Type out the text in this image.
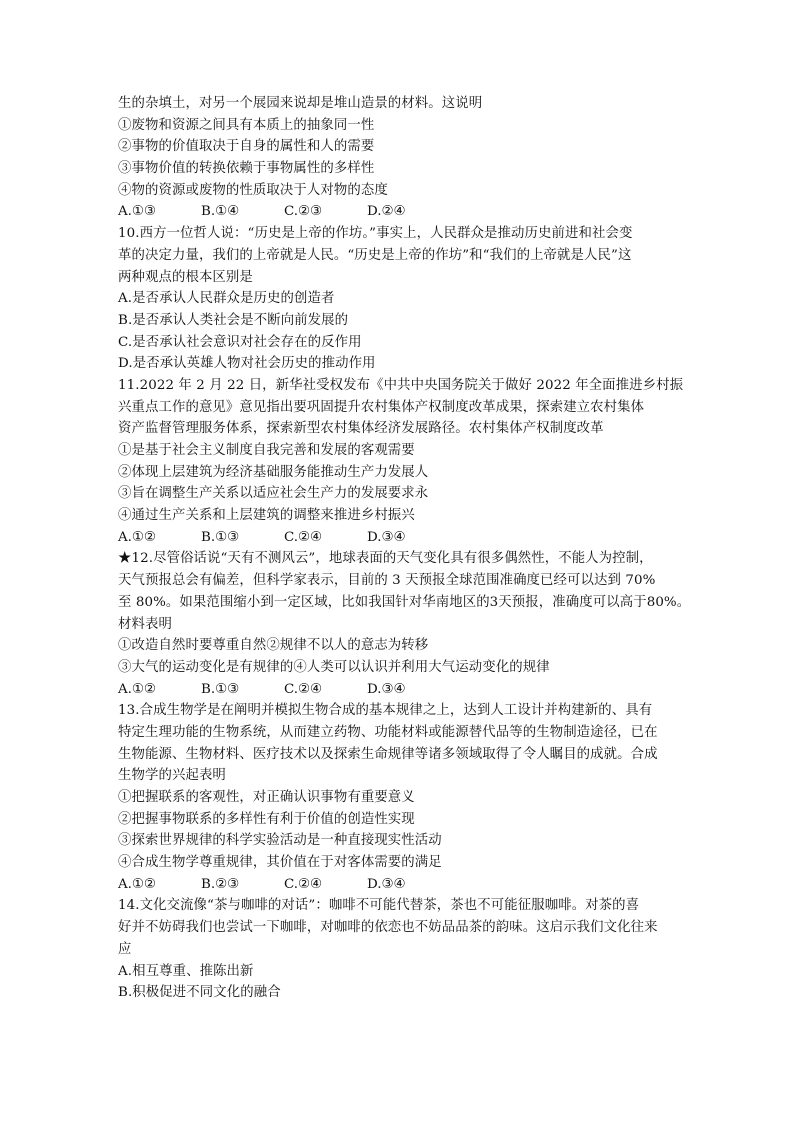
生的杂填土，对另一个展园来说却是堆山造景的材料。这说明
①废物和资源之间具有本质上的抽象同一性
②事物的价值取决于自身的属性和人的需要
③事物价值的转换依赖于事物属性的多样性
④物的资源或废物的性质取决于人对物的态度
A.①③	B.①④	C.②③	D.②④
10.西方一位哲人说：“历史是上帝的作坊。”事实上，人民群众是推动历史前进和社会变
革的决定力量，我们的上帝就是人民。“历史是上帝的作坊”和“我们的上帝就是人民”这
两种观点的根本区别是
A.是否承认人民群众是历史的创造者
B.是否承认人类社会是不断向前发展的
C.是否承认社会意识对社会存在的反作用
D.是否承认英雄人物对社会历史的推动作用
11.2022 年 2 月 22 日，新华社受权发布《中共中央国务院关于做好 2022 年全面推进乡村振
兴重点工作的意见》意见指出要巩固提升农村集体产权制度改革成果，探索建立农村集体
资产监督管理服务体系，探索新型农村集体经济发展路径。农村集体产权制度改革
①是基于社会主义制度自我完善和发展的客观需要
②体现上层建筑为经济基础服务能推动生产力发展人
③旨在调整生产关系以适应社会生产力的发展要求永
④通过生产关系和上层建筑的调整来推进乡村振兴
A.①②	B.①③	C.②④	D.③④
★12.尽管俗话说“天有不测风云”，地球表面的天气变化具有很多偶然性，不能人为控制，
天气预报总会有偏差，但科学家表示，目前的 3 天预报全球范围准确度已经可以达到 70%
至 80%。如果范围缩小到一定区域，比如我国针对华南地区的3天预报，准确度可以高于80%。
材料表明
①改造自然时要尊重自然②规律不以人的意志为转移
③大气的运动变化是有规律的④人类可以认识并利用大气运动变化的规律
A.①②	B.①③	C.②④	D.③④
13.合成生物学是在阐明并模拟生物合成的基本规律之上，达到人工设计并构建新的、具有
特定生理功能的生物系统，从而建立药物、功能材料或能源替代品等的生物制造途径，已在
生物能源、生物材料、医疗技术以及探索生命规律等诸多领域取得了令人瞩目的成就。合成
生物学的兴起表明
①把握联系的客观性，对正确认识事物有重要意义
②把握事物联系的多样性有利于价值的创造性实现
③探索世界规律的科学实验活动是一种直接现实性活动
④合成生物学尊重规律，其价值在于对客体需要的满足
A.①②	B.②③	C.②④	D.③④
14.文化交流像“茶与咖啡的对话”：咖啡不可能代替茶，茶也不可能征服咖啡。对茶的喜
好并不妨碍我们也尝试一下咖啡，对咖啡的依恋也不妨品品茶的韵味。这启示我们文化往来
应
A.相互尊重、推陈出新
B.积极促进不同文化的融合
